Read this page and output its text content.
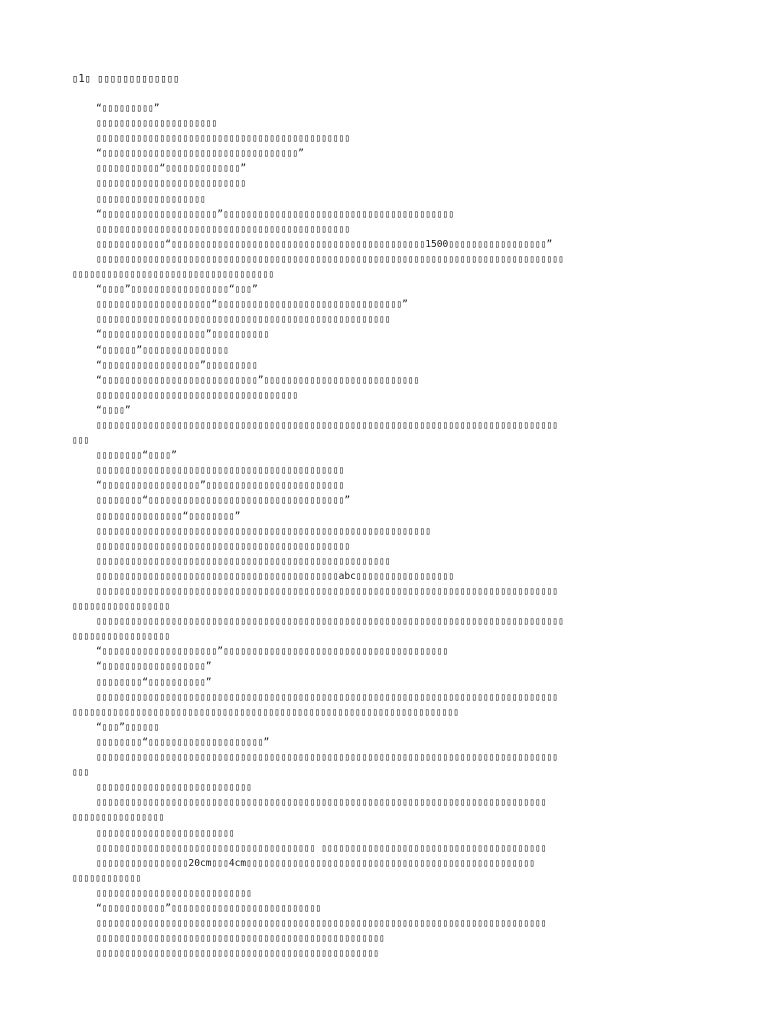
▯1▯ ▯▯▯▯▯▯▯▯▯▯▯▯▯
“▯▯▯▯▯▯▯▯▯”
▯▯▯▯▯▯▯▯▯▯▯▯▯▯▯▯▯▯▯▯▯
▯▯▯▯▯▯▯▯▯▯▯▯▯▯▯▯▯▯▯▯▯▯▯▯▯▯▯▯▯▯▯▯▯▯▯▯▯▯▯▯▯▯▯▯
“▯▯▯▯▯▯▯▯▯▯▯▯▯▯▯▯▯▯▯▯▯▯▯▯▯▯▯▯▯▯▯▯▯▯”
▯▯▯▯▯▯▯▯▯▯▯“▯▯▯▯▯▯▯▯▯▯▯▯▯”
▯▯▯▯▯▯▯▯▯▯▯▯▯▯▯▯▯▯▯▯▯▯▯▯▯▯
▯▯▯▯▯▯▯▯▯▯▯▯▯▯▯▯▯▯▯
“▯▯▯▯▯▯▯▯▯▯▯▯▯▯▯▯▯▯▯▯”▯▯▯▯▯▯▯▯▯▯▯▯▯▯▯▯▯▯▯▯▯▯▯▯▯▯▯▯▯▯▯▯▯▯▯▯▯▯▯▯
▯▯▯▯▯▯▯▯▯▯▯▯▯▯▯▯▯▯▯▯▯▯▯▯▯▯▯▯▯▯▯▯▯▯▯▯▯▯▯▯▯▯▯▯
▯▯▯▯▯▯▯▯▯▯▯▯“▯▯▯▯▯▯▯▯▯▯▯▯▯▯▯▯▯▯▯▯▯▯▯▯▯▯▯▯▯▯▯▯▯▯▯▯▯▯▯▯▯▯▯▯1500▯▯▯▯▯▯▯▯▯▯▯▯▯▯▯▯▯”
▯▯▯▯▯▯▯▯▯▯▯▯▯▯▯▯▯▯▯▯▯▯▯▯▯▯▯▯▯▯▯▯▯▯▯▯▯▯▯▯▯▯▯▯▯▯▯▯▯▯▯▯▯▯▯▯▯▯▯▯▯▯▯▯▯▯▯▯▯▯▯▯▯▯▯▯▯▯▯▯▯
▯▯▯▯▯▯▯▯▯▯▯▯▯▯▯▯▯▯▯▯▯▯▯▯▯▯▯▯▯▯▯▯▯▯▯
“▯▯▯▯”▯▯▯▯▯▯▯▯▯▯▯▯▯▯▯▯▯“▯▯▯”
▯▯▯▯▯▯▯▯▯▯▯▯▯▯▯▯▯▯▯▯“▯▯▯▯▯▯▯▯▯▯▯▯▯▯▯▯▯▯▯▯▯▯▯▯▯▯▯▯▯▯▯▯”
▯▯▯▯▯▯▯▯▯▯▯▯▯▯▯▯▯▯▯▯▯▯▯▯▯▯▯▯▯▯▯▯▯▯▯▯▯▯▯▯▯▯▯▯▯▯▯▯▯▯▯
“▯▯▯▯▯▯▯▯▯▯▯▯▯▯▯▯▯▯”▯▯▯▯▯▯▯▯▯▯
“▯▯▯▯▯▯”▯▯▯▯▯▯▯▯▯▯▯▯▯▯▯
“▯▯▯▯▯▯▯▯▯▯▯▯▯▯▯▯▯”▯▯▯▯▯▯▯▯▯
“▯▯▯▯▯▯▯▯▯▯▯▯▯▯▯▯▯▯▯▯▯▯▯▯▯▯▯”▯▯▯▯▯▯▯▯▯▯▯▯▯▯▯▯▯▯▯▯▯▯▯▯▯▯▯
▯▯▯▯▯▯▯▯▯▯▯▯▯▯▯▯▯▯▯▯▯▯▯▯▯▯▯▯▯▯▯▯▯▯▯
“▯▯▯▯”
▯▯▯▯▯▯▯▯▯▯▯▯▯▯▯▯▯▯▯▯▯▯▯▯▯▯▯▯▯▯▯▯▯▯▯▯▯▯▯▯▯▯▯▯▯▯▯▯▯▯▯▯▯▯▯▯▯▯▯▯▯▯▯▯▯▯▯▯▯▯▯▯▯▯▯▯▯▯▯▯
▯▯▯
▯▯▯▯▯▯▯▯“▯▯▯▯”
▯▯▯▯▯▯▯▯▯▯▯▯▯▯▯▯▯▯▯▯▯▯▯▯▯▯▯▯▯▯▯▯▯▯▯▯▯▯▯▯▯▯▯
“▯▯▯▯▯▯▯▯▯▯▯▯▯▯▯▯▯”▯▯▯▯▯▯▯▯▯▯▯▯▯▯▯▯▯▯▯▯▯▯▯▯
▯▯▯▯▯▯▯▯“▯▯▯▯▯▯▯▯▯▯▯▯▯▯▯▯▯▯▯▯▯▯▯▯▯▯▯▯▯▯▯▯▯▯”
▯▯▯▯▯▯▯▯▯▯▯▯▯▯▯“▯▯▯▯▯▯▯▯”
▯▯▯▯▯▯▯▯▯▯▯▯▯▯▯▯▯▯▯▯▯▯▯▯▯▯▯▯▯▯▯▯▯▯▯▯▯▯▯▯▯▯▯▯▯▯▯▯▯▯▯▯▯▯▯▯▯▯
▯▯▯▯▯▯▯▯▯▯▯▯▯▯▯▯▯▯▯▯▯▯▯▯▯▯▯▯▯▯▯▯▯▯▯▯▯▯▯▯▯▯▯▯
▯▯▯▯▯▯▯▯▯▯▯▯▯▯▯▯▯▯▯▯▯▯▯▯▯▯▯▯▯▯▯▯▯▯▯▯▯▯▯▯▯▯▯▯▯▯▯▯▯▯▯
▯▯▯▯▯▯▯▯▯▯▯▯▯▯▯▯▯▯▯▯▯▯▯▯▯▯▯▯▯▯▯▯▯▯▯▯▯▯▯▯▯▯abc▯▯▯▯▯▯▯▯▯▯▯▯▯▯▯▯▯
▯▯▯▯▯▯▯▯▯▯▯▯▯▯▯▯▯▯▯▯▯▯▯▯▯▯▯▯▯▯▯▯▯▯▯▯▯▯▯▯▯▯▯▯▯▯▯▯▯▯▯▯▯▯▯▯▯▯▯▯▯▯▯▯▯▯▯▯▯▯▯▯▯▯▯▯▯▯▯▯
▯▯▯▯▯▯▯▯▯▯▯▯▯▯▯▯▯
▯▯▯▯▯▯▯▯▯▯▯▯▯▯▯▯▯▯▯▯▯▯▯▯▯▯▯▯▯▯▯▯▯▯▯▯▯▯▯▯▯▯▯▯▯▯▯▯▯▯▯▯▯▯▯▯▯▯▯▯▯▯▯▯▯▯▯▯▯▯▯▯▯▯▯▯▯▯▯▯▯
▯▯▯▯▯▯▯▯▯▯▯▯▯▯▯▯▯
“▯▯▯▯▯▯▯▯▯▯▯▯▯▯▯▯▯▯▯▯”▯▯▯▯▯▯▯▯▯▯▯▯▯▯▯▯▯▯▯▯▯▯▯▯▯▯▯▯▯▯▯▯▯▯▯▯▯▯▯
“▯▯▯▯▯▯▯▯▯▯▯▯▯▯▯▯▯▯”
▯▯▯▯▯▯▯▯“▯▯▯▯▯▯▯▯▯▯”
▯▯▯▯▯▯▯▯▯▯▯▯▯▯▯▯▯▯▯▯▯▯▯▯▯▯▯▯▯▯▯▯▯▯▯▯▯▯▯▯▯▯▯▯▯▯▯▯▯▯▯▯▯▯▯▯▯▯▯▯▯▯▯▯▯▯▯▯▯▯▯▯▯▯▯▯▯▯▯▯
▯▯▯▯▯▯▯▯▯▯▯▯▯▯▯▯▯▯▯▯▯▯▯▯▯▯▯▯▯▯▯▯▯▯▯▯▯▯▯▯▯▯▯▯▯▯▯▯▯▯▯▯▯▯▯▯▯▯▯▯▯▯▯▯▯▯▯
“▯▯▯”▯▯▯▯▯▯
▯▯▯▯▯▯▯▯“▯▯▯▯▯▯▯▯▯▯▯▯▯▯▯▯▯▯▯▯”
▯▯▯▯▯▯▯▯▯▯▯▯▯▯▯▯▯▯▯▯▯▯▯▯▯▯▯▯▯▯▯▯▯▯▯▯▯▯▯▯▯▯▯▯▯▯▯▯▯▯▯▯▯▯▯▯▯▯▯▯▯▯▯▯▯▯▯▯▯▯▯▯▯▯▯▯▯▯▯▯
▯▯▯
▯▯▯▯▯▯▯▯▯▯▯▯▯▯▯▯▯▯▯▯▯▯▯▯▯▯▯
▯▯▯▯▯▯▯▯▯▯▯▯▯▯▯▯▯▯▯▯▯▯▯▯▯▯▯▯▯▯▯▯▯▯▯▯▯▯▯▯▯▯▯▯▯▯▯▯▯▯▯▯▯▯▯▯▯▯▯▯▯▯▯▯▯▯▯▯▯▯▯▯▯▯▯▯▯▯
▯▯▯▯▯▯▯▯▯▯▯▯▯▯▯▯
▯▯▯▯▯▯▯▯▯▯▯▯▯▯▯▯▯▯▯▯▯▯▯▯
▯▯▯▯▯▯▯▯▯▯▯▯▯▯▯▯▯▯▯▯▯▯▯▯▯▯▯▯▯▯▯▯▯▯▯▯▯▯ ▯▯▯▯▯▯▯▯▯▯▯▯▯▯▯▯▯▯▯▯▯▯▯▯▯▯▯▯▯▯▯▯▯▯▯▯▯▯▯
▯▯▯▯▯▯▯▯▯▯▯▯▯▯▯▯20cm▯▯▯4cm▯▯▯▯▯▯▯▯▯▯▯▯▯▯▯▯▯▯▯▯▯▯▯▯▯▯▯▯▯▯▯▯▯▯▯▯▯▯▯▯▯▯▯▯▯▯▯▯▯▯
▯▯▯▯▯▯▯▯▯▯▯▯
▯▯▯▯▯▯▯▯▯▯▯▯▯▯▯▯▯▯▯▯▯▯▯▯▯▯▯
“▯▯▯▯▯▯▯▯▯▯▯”▯▯▯▯▯▯▯▯▯▯▯▯▯▯▯▯▯▯▯▯▯▯▯▯▯▯
▯▯▯▯▯▯▯▯▯▯▯▯▯▯▯▯▯▯▯▯▯▯▯▯▯▯▯▯▯▯▯▯▯▯▯▯▯▯▯▯▯▯▯▯▯▯▯▯▯▯▯▯▯▯▯▯▯▯▯▯▯▯▯▯▯▯▯▯▯▯▯▯▯▯▯▯▯▯
▯▯▯▯▯▯▯▯▯▯▯▯▯▯▯▯▯▯▯▯▯▯▯▯▯▯▯▯▯▯▯▯▯▯▯▯▯▯▯▯▯▯▯▯▯▯▯▯▯▯
▯▯▯▯▯▯▯▯▯▯▯▯▯▯▯▯▯▯▯▯▯▯▯▯▯▯▯▯▯▯▯▯▯▯▯▯▯▯▯▯▯▯▯▯▯▯▯▯▯
